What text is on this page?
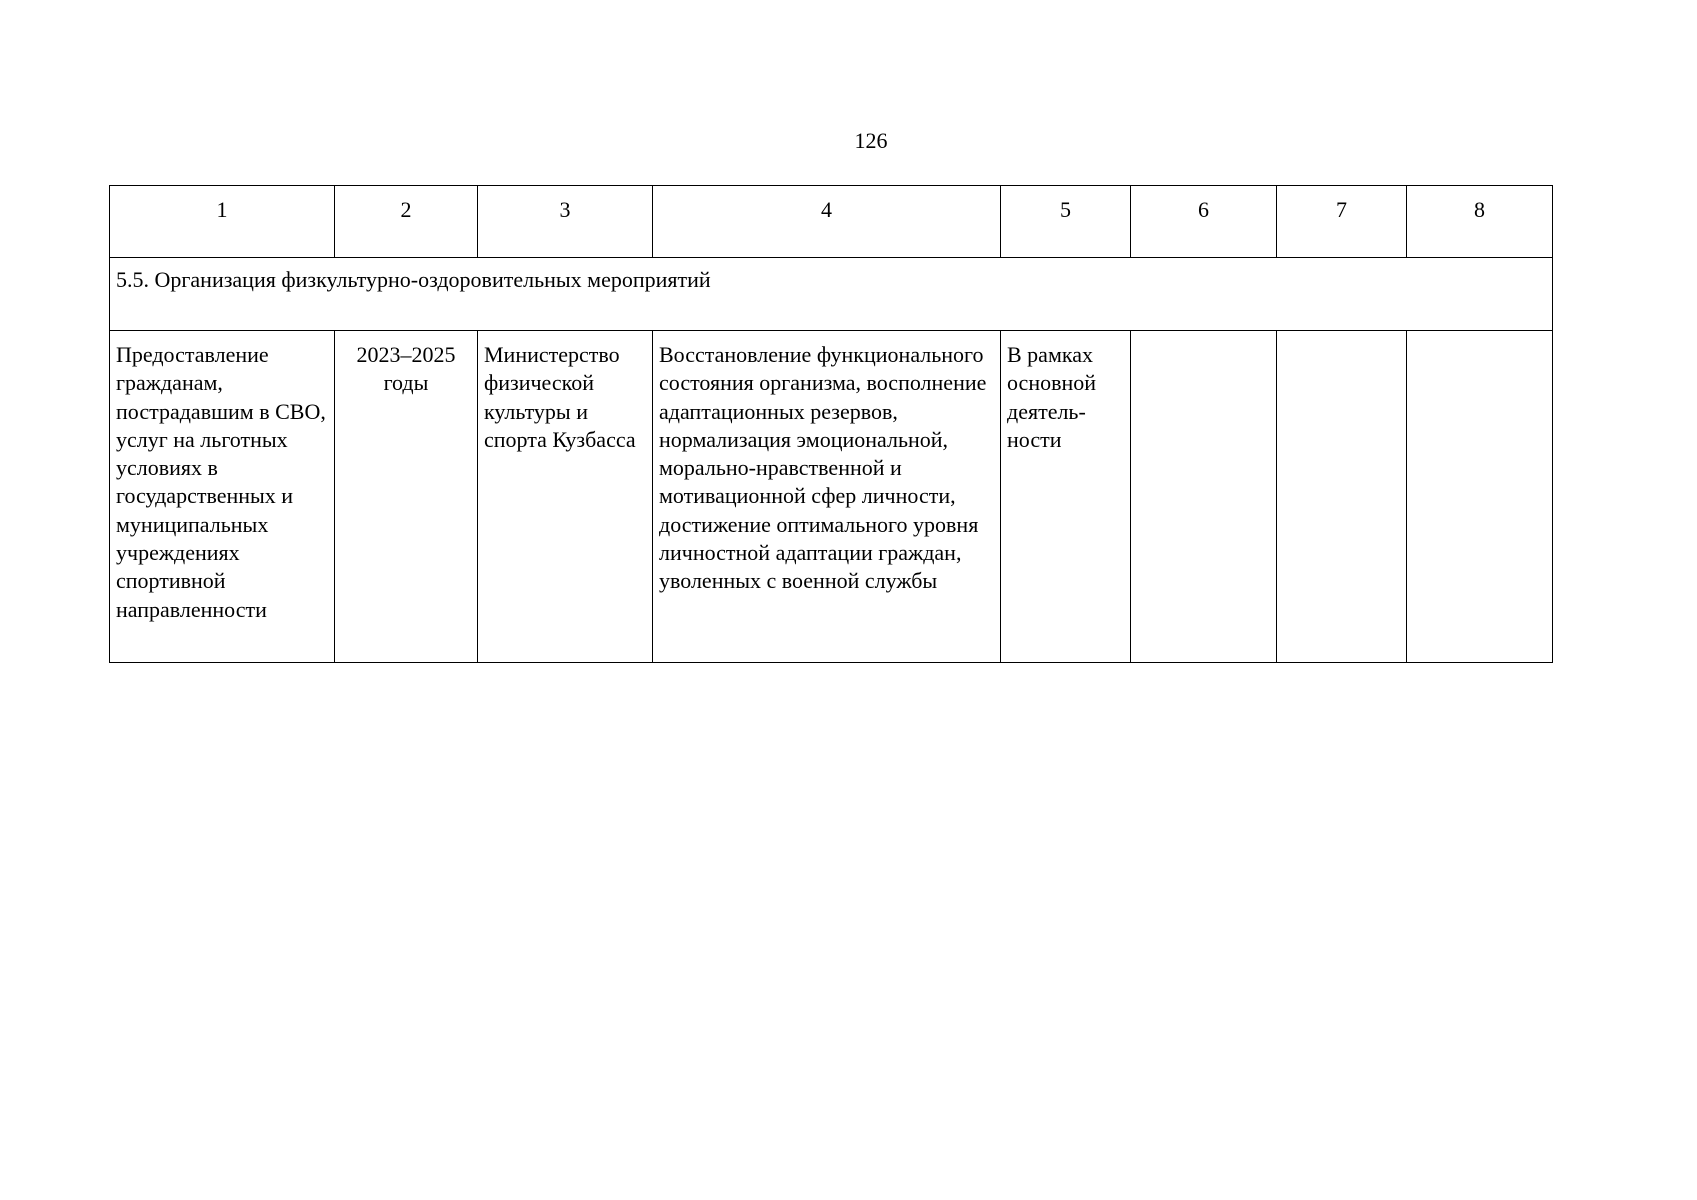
126
1	2	3	4	5	6	7	8
5.5. Организация физкультурно-оздоровительных мероприятий							
Предоставление гражданам, пострадавшим в СВО, услуг на льготных условиях в государственных и муниципальных учреждениях спортивной направленности	2023–2025 годы	Министерство физической культуры и спорта Кузбасса	Восстановление функционального состояния организма, восполнение адаптационных резервов, нормализация эмоциональной, морально-нравственной и мотивационной сфер личности, достижение оптимального уровня личностной адаптации граждан, уволенных с военной службы	В рамках основной деятель-ности			
